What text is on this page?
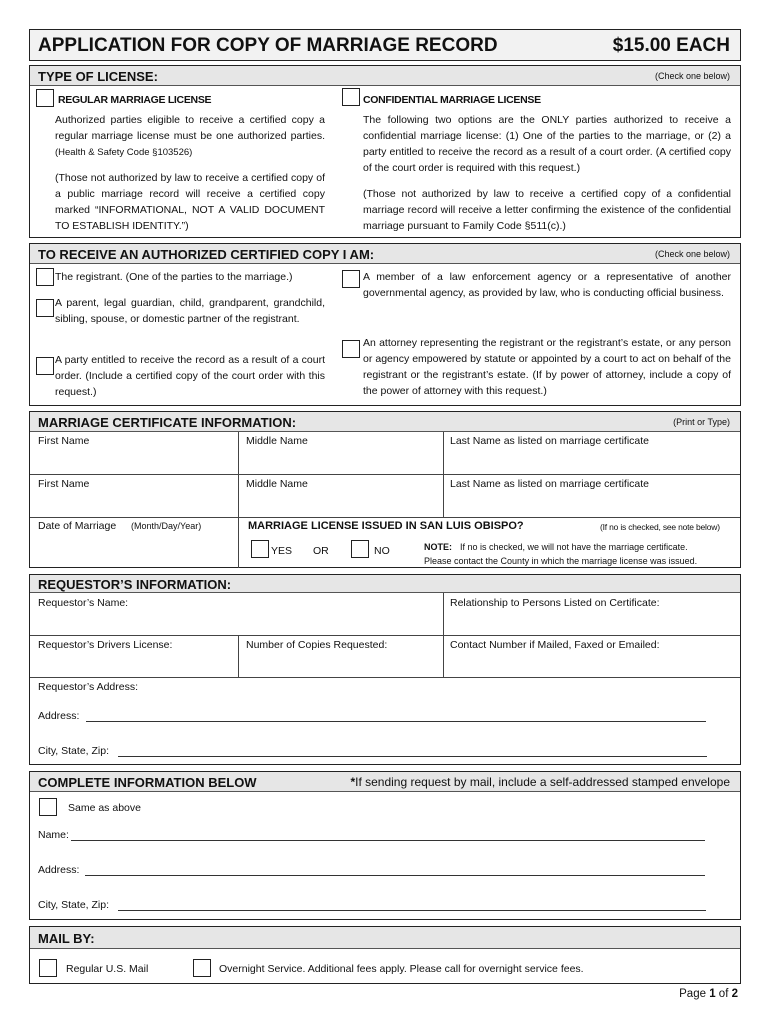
APPLICATION FOR COPY OF MARRIAGE RECORD	$15.00 EACH
TYPE OF LICENSE:	(Check one below)
REGULAR MARRIAGE LICENSE
Authorized parties eligible to receive a certified copy a regular marriage license must be one authorized parties. (Health & Safety Code §103526)
(Those not authorized by law to receive a certified copy of a public marriage record will receive a certified copy marked “INFORMATIONAL, NOT A VALID DOCUMENT TO ESTABLISH IDENTITY.”)
CONFIDENTIAL MARRIAGE LICENSE
The following two options are the ONLY parties authorized to receive a confidential marriage license: (1) One of the parties to the marriage, or (2) a party entitled to receive the record as a result of a court order. (A certified copy of the court order is required with this request.)
(Those not authorized by law to receive a certified copy of a confidential marriage record will receive a letter confirming the existence of the confidential marriage pursuant to Family Code §511(c).)
TO RECEIVE AN AUTHORIZED CERTIFIED COPY I AM:	(Check one below)
The registrant. (One of the parties to the marriage.)
A parent, legal guardian, child, grandparent, grandchild, sibling, spouse, or domestic partner of the registrant.
A party entitled to receive the record as a result of a court order. (Include a certified copy of the court order with this request.)
A member of a law enforcement agency or a representative of another governmental agency, as provided by law, who is conducting official business.
An attorney representing the registrant or the registrant’s estate, or any person or agency empowered by statute or appointed by a court to act on behalf of the registrant or the registrant’s estate. (If by power of attorney, include a copy of the power of attorney with this request.)
MARRIAGE CERTIFICATE INFORMATION:	(Print or Type)
First Name	Middle Name	Last Name as listed on marriage certificate
First Name	Middle Name	Last Name as listed on marriage certificate
Date of Marriage (Month/Day/Year)	MARRIAGE LICENSE ISSUED IN SAN LUIS OBISPO?	(If no is checked, see note below)
YES OR	NO	NOTE: If no is checked, we will not have the marriage certificate.
Please contact the County in which the marriage license was issued.
REQUESTOR’S INFORMATION:
Requestor’s Name:	Relationship to Persons Listed on Certificate:
Requestor’s Drivers License:	Number of Copies Requested:	Contact Number if Mailed, Faxed or Emailed:
Requestor’s Address:
Address:
City, State, Zip:
COMPLETE INFORMATION BELOW	*If sending request by mail, include a self-addressed stamped envelope
Same as above
Name:
Address:
City, State, Zip:
MAIL BY:
Regular U.S. Mail	Overnight Service. Additional fees apply. Please call for overnight service fees.
Page 1 of 2
